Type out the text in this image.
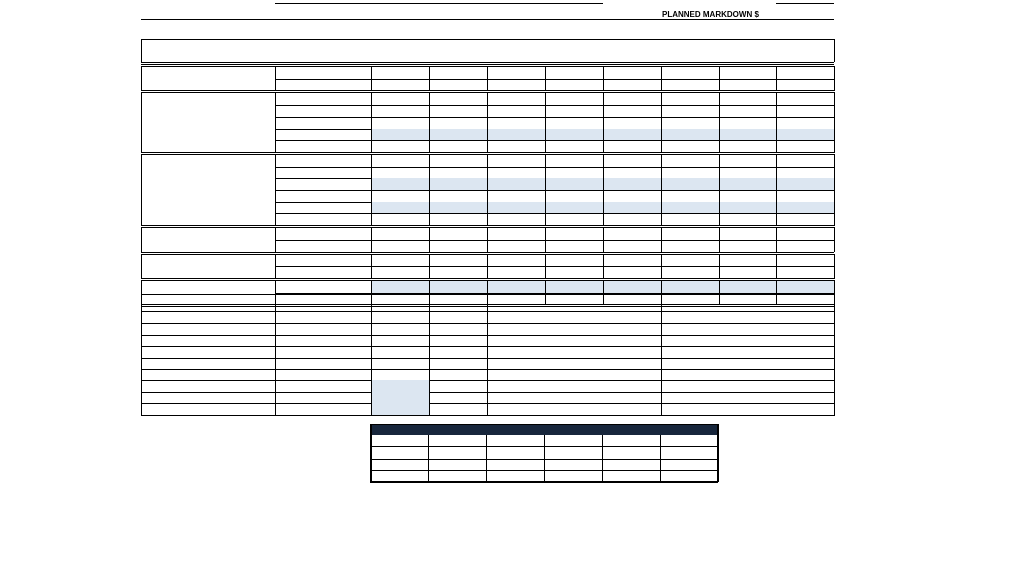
PLANNED MARKDOWN $
